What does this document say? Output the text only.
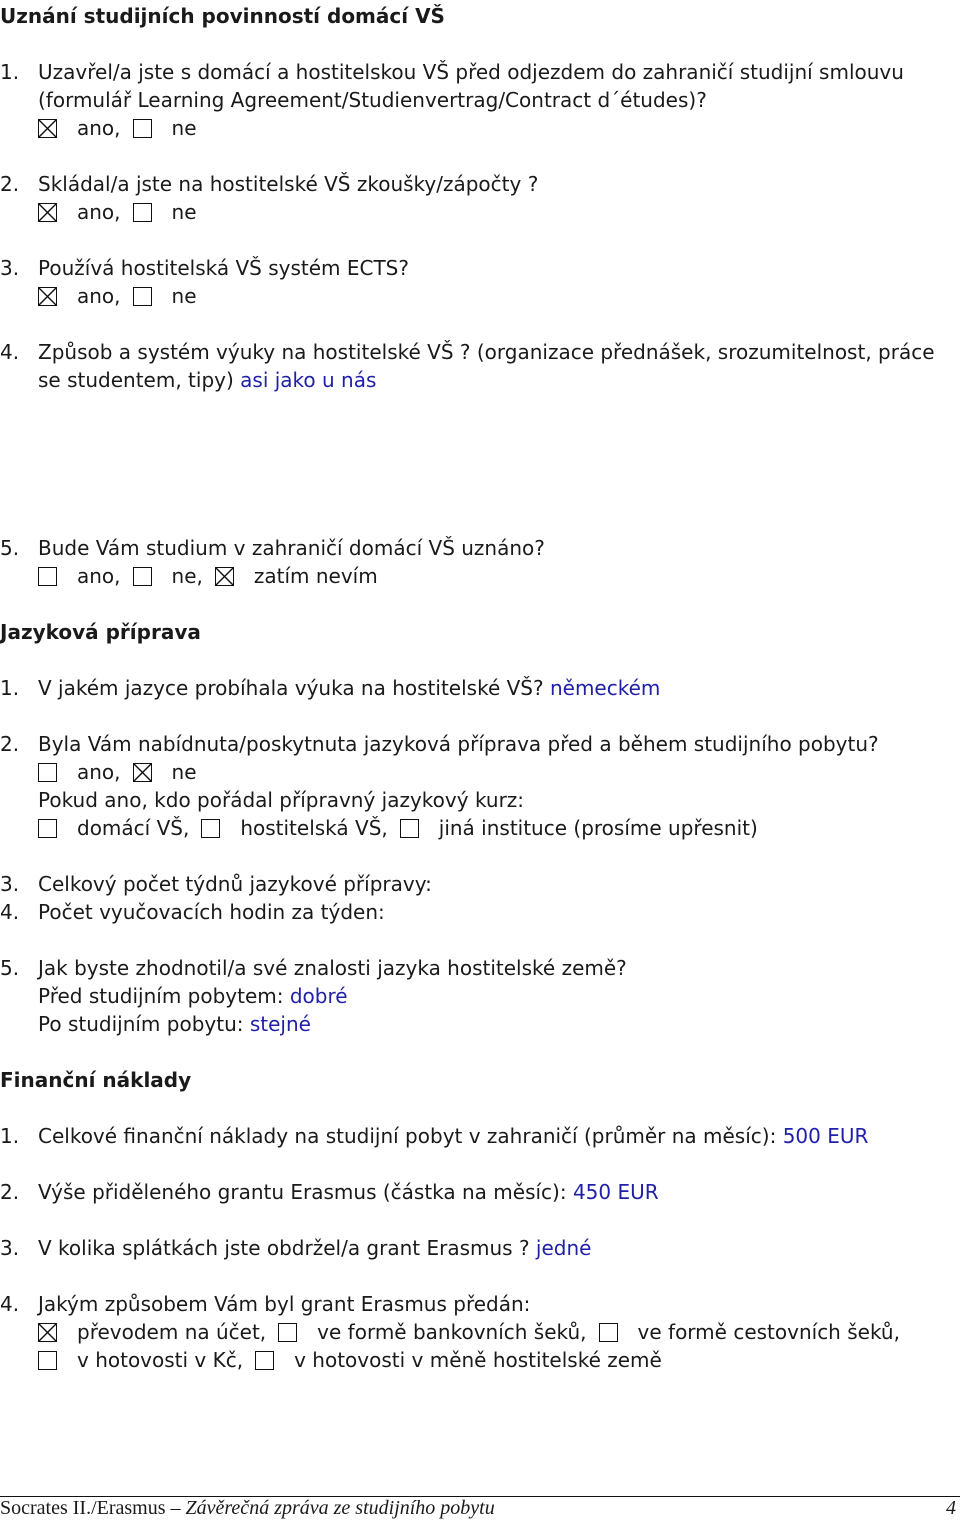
Uznání studijních povinností domácí VŠ
1. Uzavřel/a jste s domácí a hostitelskou VŠ před odjezdem do zahraničí studijní smlouvu
(formulář Learning Agreement/Studienvertrag/Contract d´études)?
ano,	ne
2. Skládal/a jste na hostitelské VŠ zkoušky/zápočty ?
ano,	ne
3. Používá hostitelská VŠ systém ECTS?
ano,	ne
4. Způsob a systém výuky na hostitelské VŠ ? (organizace přednášek, srozumitelnost, práce
se studentem, tipy) asi jako u nás
5. Bude Vám studium v zahraničí domácí VŠ uznáno?
ano,	ne,	zatím nevím
Jazyková příprava
1. V jakém jazyce probíhala výuka na hostitelské VŠ? německém
2. Byla Vám nabídnuta/poskytnuta jazyková příprava před a během studijního pobytu?
ano,	ne
Pokud ano, kdo pořádal přípravný jazykový kurz:
domácí VŠ,	hostitelská VŠ,	jiná instituce (prosíme upřesnit)
3. Celkový počet týdnů jazykové přípravy:
4. Počet vyučovacích hodin za týden:
5. Jak byste zhodnotil/a své znalosti jazyka hostitelské země?
Před studijním pobytem: dobré
Po studijním pobytu: stejné
Finanční náklady
1. Celkové finanční náklady na studijní pobyt v zahraničí (průměr na měsíc): 500 EUR
2. Výše přiděleného grantu Erasmus (částka na měsíc): 450 EUR
3. V kolika splátkách jste obdržel/a grant Erasmus ? jedné
4. Jakým způsobem Vám byl grant Erasmus předán:
převodem na účet,	ve formě bankovních šeků,	ve formě cestovních šeků,
v hotovosti v Kč,	v hotovosti v měně hostitelské země
Socrates II./Erasmus – Závěrečná zpráva ze studijního pobytu	4
